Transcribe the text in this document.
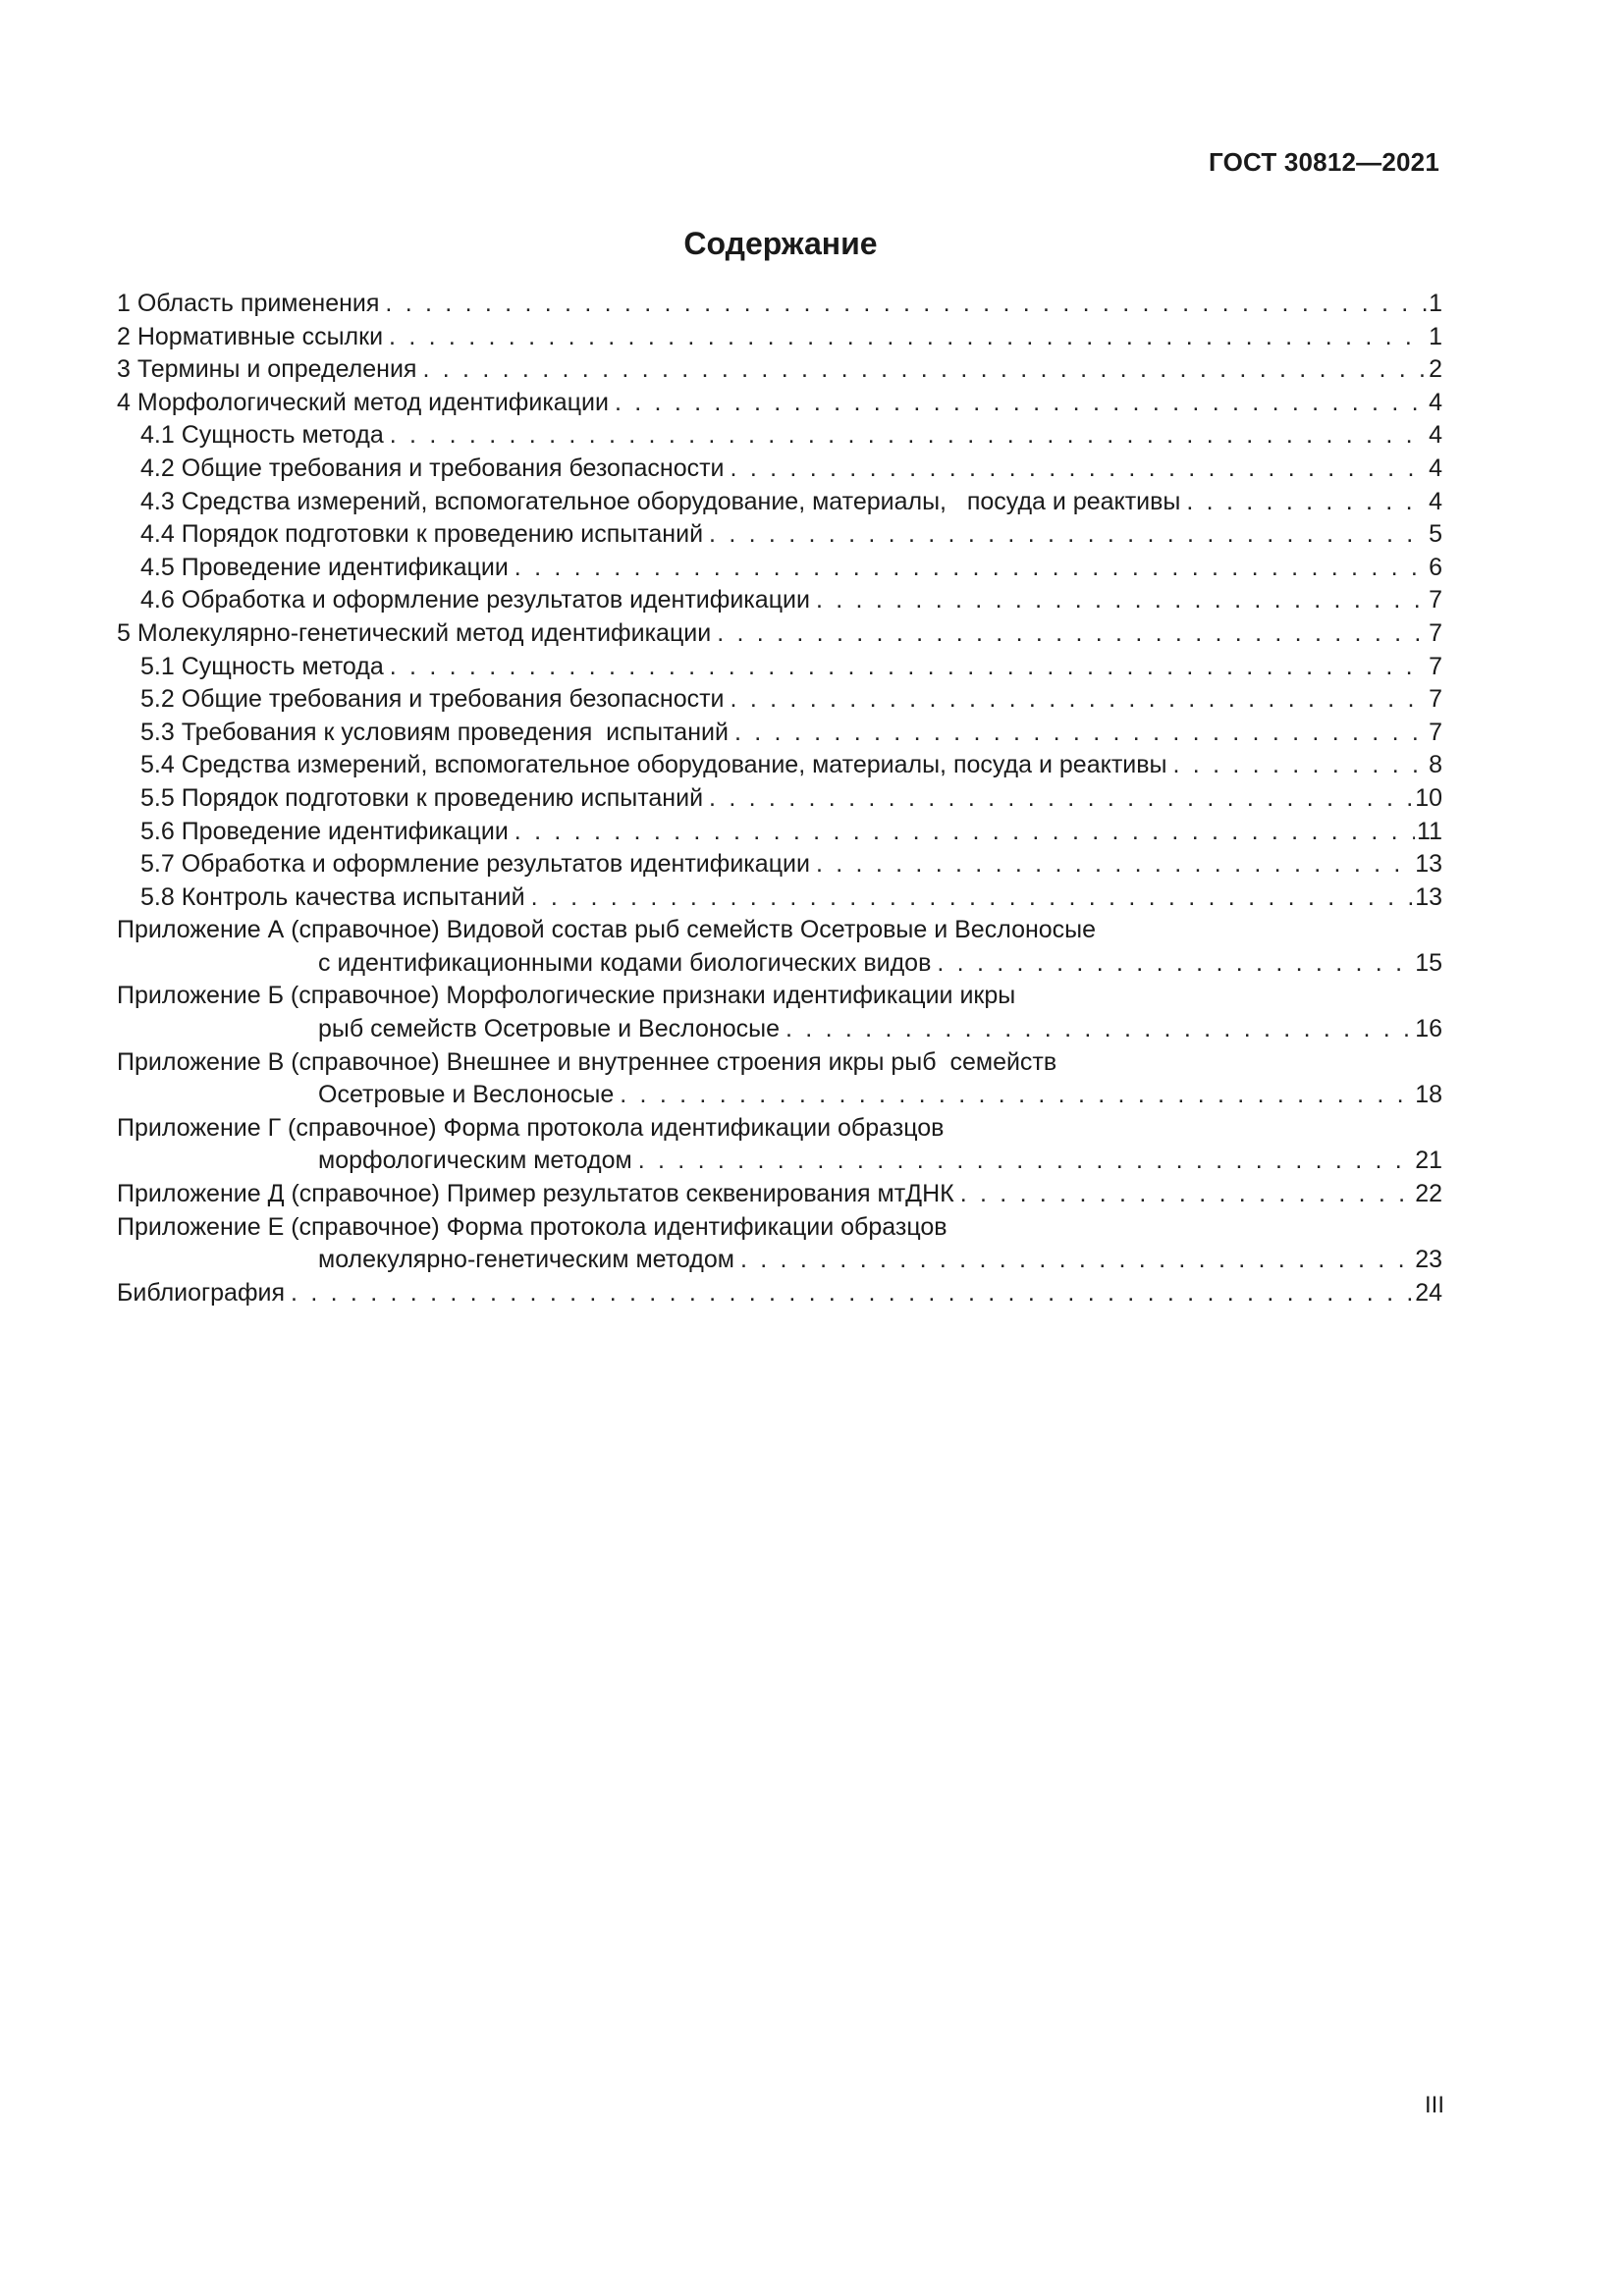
ГОСТ 30812—2021
Содержание
1 Область применения . . .	1
2 Нормативные ссылки . . .	1
3 Термины и определения . . .	2
4 Морфологический метод идентификации . . .	4
4.1 Сущность метода . . .	4
4.2 Общие требования и требования безопасности . . .	4
4.3 Средства измерений, вспомогательное оборудование, материалы,   посуда и реактивы . . .	4
4.4 Порядок подготовки к проведению испытаний . . .	5
4.5 Проведение идентификации . . .	6
4.6 Обработка и оформление результатов идентификации . . .	7
5 Молекулярно-генетический метод идентификации . . .	7
5.1 Сущность метода . . .	7
5.2 Общие требования и требования безопасности . . .	7
5.3 Требования к условиям проведения  испытаний . . .	7
5.4 Средства измерений, вспомогательное оборудование, материалы, посуда и реактивы . . .	8
5.5 Порядок подготовки к проведению испытаний . . .	10
5.6 Проведение идентификации . . .	11
5.7 Обработка и оформление результатов идентификации . . .	13
5.8 Контроль качества испытаний . . .	13
Приложение А (справочное) Видовой состав рыб семейств Осетровые и Веслоносые
с идентификационными кодами биологических видов . . .	15
Приложение Б (справочное) Морфологические признаки идентификации икры
рыб семейств Осетровые и Веслоносые . . .	16
Приложение В (справочное) Внешнее и внутреннее строения икры рыб  семейств
Осетровые и Веслоносые . . .	18
Приложение Г (справочное) Форма протокола идентификации образцов
морфологическим методом . . .	21
Приложение Д (справочное) Пример результатов секвенирования мтДНК . . .	22
Приложение Е (справочное) Форма протокола идентификации образцов
молекулярно-генетическим методом . . .	23
Библиография . . .	24
III
